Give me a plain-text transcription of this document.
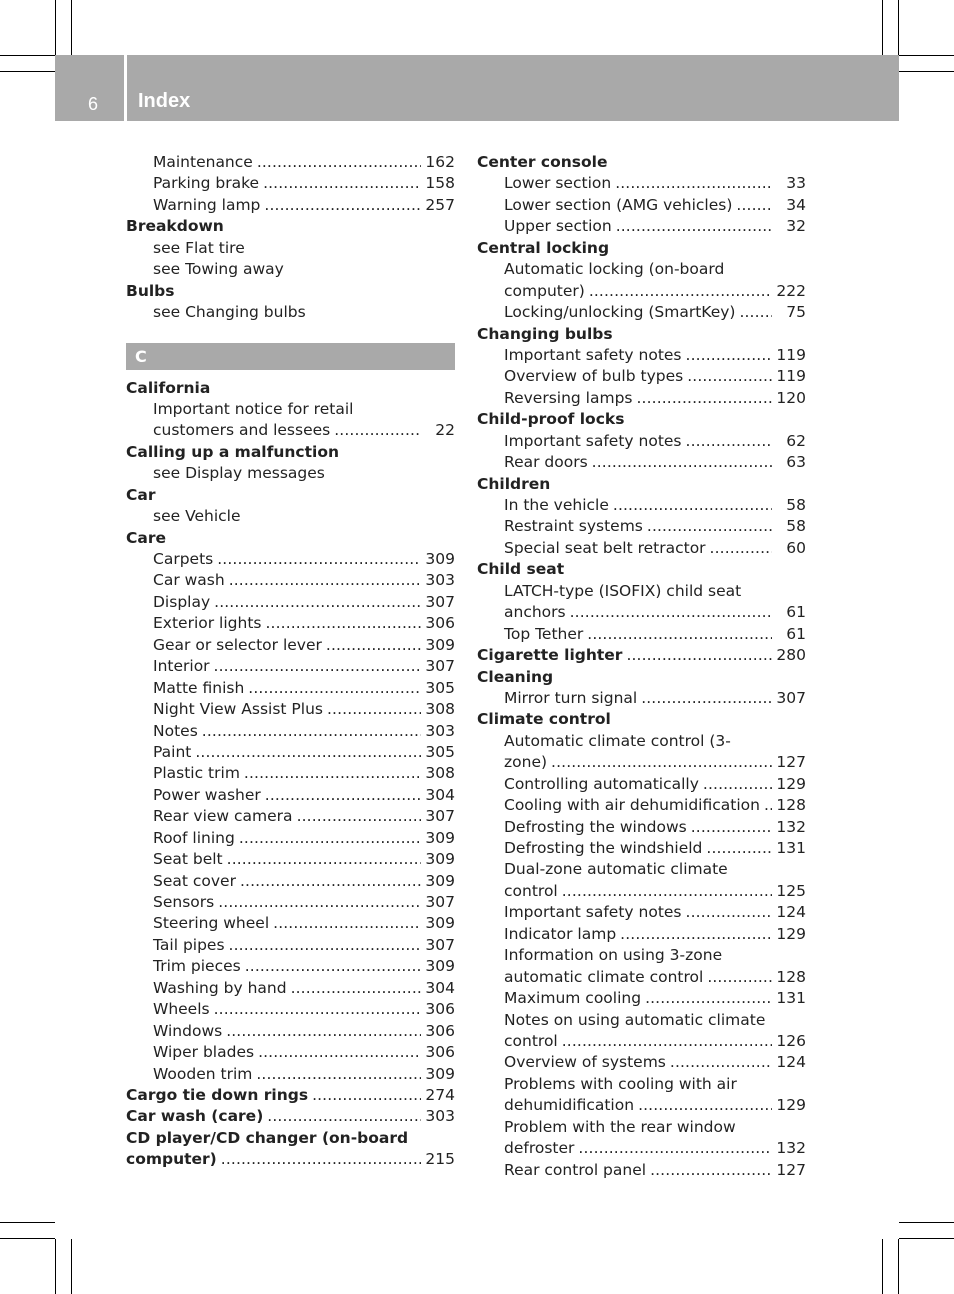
6 Index
Maintenance . . .	162
Parking brake . . .	158
Warning lamp . . .	257
Breakdown
see Flat tire
see Towing away
Bulbs
see Changing bulbs
C
California
Important notice for retail
customers and lessees . . .	22
Calling up a malfunction
see Display messages
Car
see Vehicle
Care
Carpets . . .	309
Car wash . . .	303
Display . . .	307
Exterior lights . . .	306
Gear or selector lever . . .	309
Interior . . .	307
Matte finish . . .	305
Night View Assist Plus . . .	308
Notes . . .	303
Paint . . .	305
Plastic trim . . .	308
Power washer . . .	304
Rear view camera . . .	307
Roof lining . . .	309
Seat belt . . .	309
Seat cover . . .	309
Sensors . . .	307
Steering wheel . . .	309
Tail pipes . . .	307
Trim pieces . . .	309
Washing by hand . . .	304
Wheels . . .	306
Windows . . .	306
Wiper blades . . .	306
Wooden trim . . .	309
Cargo tie down rings . . .	274
Car wash (care) . . .	303
CD player/CD changer (on-board
computer) . . .	215
Center console
Lower section . . .	33
Lower section (AMG vehicles) . . .	34
Upper section . . .	32
Central locking
Automatic locking (on-board
computer) . . .	222
Locking/unlocking (SmartKey) . . .	75
Changing bulbs
Important safety notes . . .	119
Overview of bulb types . . .	119
Reversing lamps . . .	120
Child-proof locks
Important safety notes . . .	62
Rear doors . . .	63
Children
In the vehicle . . .	58
Restraint systems . . .	58
Special seat belt retractor . . .	60
Child seat
LATCH-type (ISOFIX) child seat
anchors . . .	61
Top Tether . . .	61
Cigarette lighter . . .	280
Cleaning
Mirror turn signal . . .	307
Climate control
Automatic climate control (3-
zone) . . .	127
Controlling automatically . . .	129
Cooling with air dehumidification . . . 128
Defrosting the windows . . .	132
Defrosting the windshield . . .	131
Dual-zone automatic climate
control . . .	125
Important safety notes . . .	124
Indicator lamp . . .	129
Information on using 3-zone
automatic climate control . . .	128
Maximum cooling . . .	131
Notes on using automatic climate
control . . .	126
Overview of systems . . .	124
Problems with cooling with air
dehumidification . . .	129
Problem with the rear window
defroster . . .	132
Rear control panel . . .	127
